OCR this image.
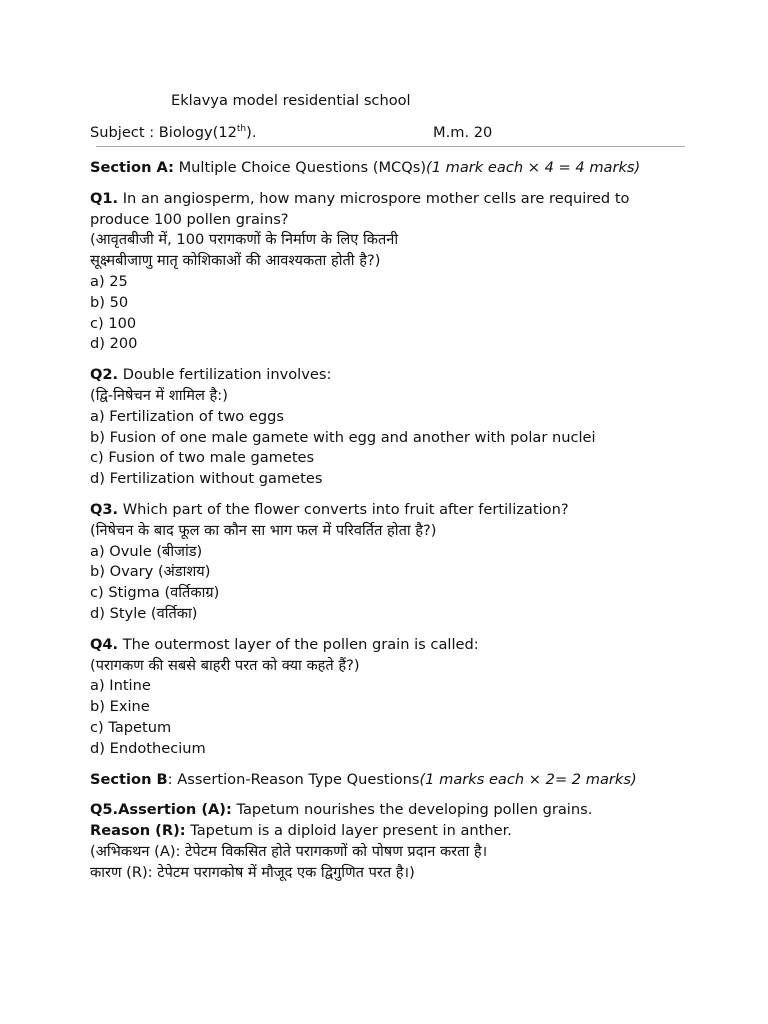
Eklavya model residential school
Subject : Biology(12th).	M.m. 20
Section A: Multiple Choice Questions (MCQs)(1 mark each × 4 = 4 marks)
Q1. In an angiosperm, how many microspore mother cells are required to
produce 100 pollen grains?
(आवृतबीजी में, 100 परागकणों के निर्माण के लिए कितनी
सूक्ष्मबीजाणु मातृ कोशिकाओं की आवश्यकता होती है?)
a) 25
b) 50
c) 100
d) 200
Q2. Double fertilization involves:
(द्वि-निषेचन में शामिल है:)
a) Fertilization of two eggs
b) Fusion of one male gamete with egg and another with polar nuclei
c) Fusion of two male gametes
d) Fertilization without gametes
Q3. Which part of the flower converts into fruit after fertilization?
(निषेचन के बाद फूल का कौन सा भाग फल में परिवर्तित होता है?)
a) Ovule (बीजांड)
b) Ovary (अंडाशय)
c) Stigma (वर्तिकाग्र)
d) Style (वर्तिका)
Q4. The outermost layer of the pollen grain is called:
(परागकण की सबसे बाहरी परत को क्या कहते हैं?)
a) Intine
b) Exine
c) Tapetum
d) Endothecium
Section B: Assertion-Reason Type Questions(1 marks each × 2= 2 marks)
Q5.Assertion (A): Tapetum nourishes the developing pollen grains.
Reason (R): Tapetum is a diploid layer present in anther.
(अभिकथन (A): टेपेटम विकसित होते परागकणों को पोषण प्रदान करता है।
कारण (R): टेपेटम परागकोष में मौजूद एक द्विगुणित परत है।)
